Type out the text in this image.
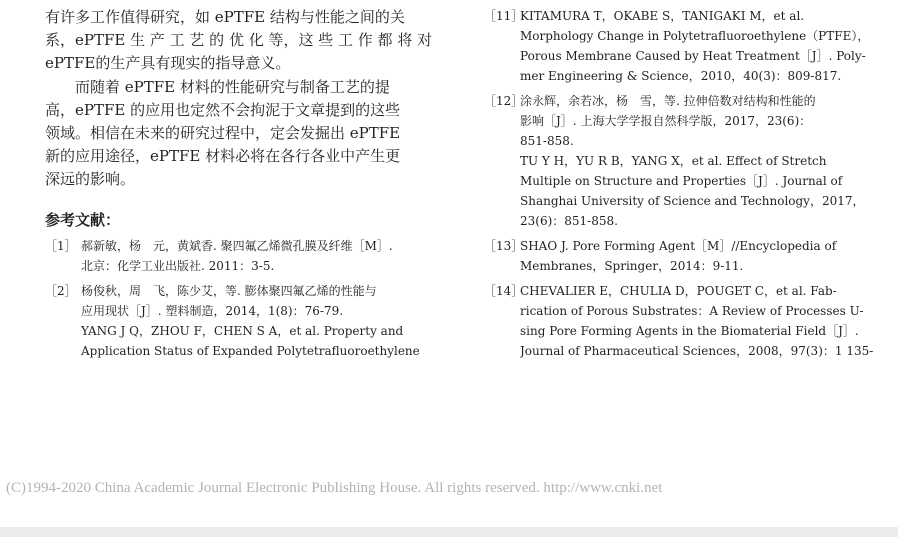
有许多工作值得研究，如 ePTFE 结构与性能之间的关
系，ePTFE 生 产 工 艺 的 优 化 等，这 些 工 作 都 将 对
ePTFE的生产具有现实的指导意义。

而随着 ePTFE 材料的性能研究与制备工艺的提
高，ePTFE 的应用也定然不会拘泥于文章提到的这些
领域。相信在未来的研究过程中，定会发掘出 ePTFE
新的应用途径，ePTFE 材料必将在各行各业中产生更
深远的影响。

参考文献：
［1］ 郝新敏，杨　元，黄斌香. 聚四氟乙烯微孔膜及纤维［M］.
北京：化学工业出版社. 2011：3-5.
［2］ 杨俊秋，周　飞，陈少艾，等. 膨体聚四氟乙烯的性能与
应用现状［J］. 塑料制造，2014，1(8)：76-79.
YANG J Q，ZHOU F，CHEN S A，et al. Property and
Application Status of Expanded Polytetrafluoroethylene
［11］
KITAMURA T，OKABE S，TANIGAKI M，et al.
Morphology Change in Polytetrafluoroethylene（PTFE），
Porous Membrane Caused by Heat Treatment［J］. Poly-
mer Engineering & Science，2010，40(3)：809-817.
［12］
涂永辉，余若冰，杨　雪，等. 拉伸倍数对结构和性能的
影响［J］. 上海大学学报自然科学版，2017，23(6)：
851-858.
TU Y H，YU R B，YANG X，et al. Effect of Stretch
Multiple on Structure and Properties［J］. Journal of
Shanghai University of Science and Technology，2017，
23(6)：851-858.
［13］
SHAO J. Pore Forming Agent［M］//Encyclopedia of
Membranes，Springer，2014：9-11.
［14］
CHEVALIER E，CHULIA D，POUGET C，et al. Fab-
rication of Porous Substrates：A Review of Processes U-
sing Pore Forming Agents in the Biomaterial Field［J］.
Journal of Pharmaceutical Sciences，2008，97(3)：1 135-
(C)1994-2020 China Academic Journal Electronic Publishing House. All rights reserved. http://www.cnki.net
